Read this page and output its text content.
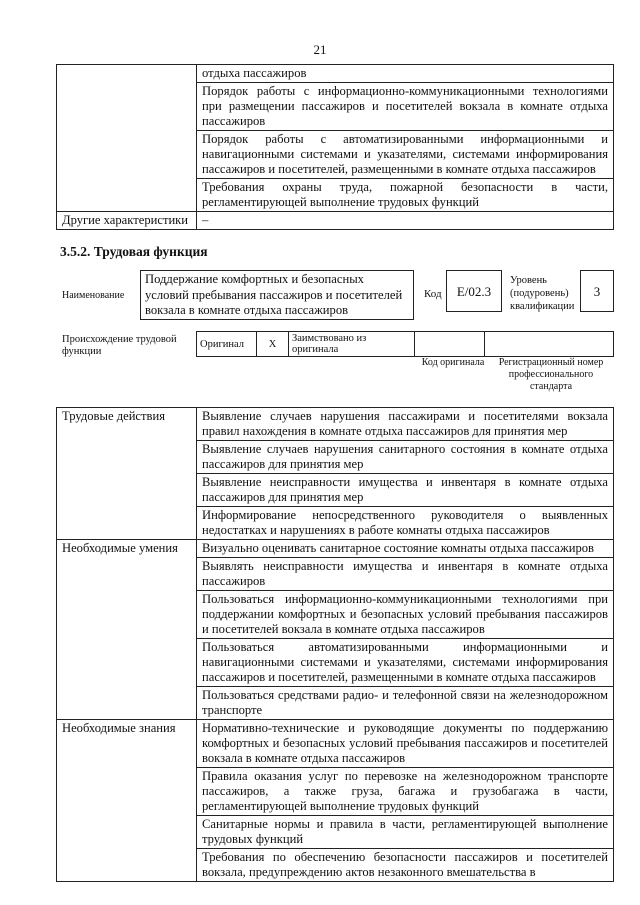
21
	отдыха пассажиров
	Порядок работы с информационно-коммуникационными технологиями при размещении пассажиров и посетителей вокзала в комнате отдыха пассажиров
	Порядок работы с автоматизированными информационными и навигационными системами и указателями, системами информирования пассажиров и посетителей, размещенными в комнате отдыха пассажиров
	Требования охраны труда, пожарной безопасности в части, регламентирующей выполнение трудовых функций
Другие характеристики	–
3.5.2. Трудовая функция
Наименование
Поддержание комфортных и безопасных условий пребывания пассажиров и посетителей вокзала в комнате отдыха пассажиров
Код	Е/02.3
Уровень (подуровень) квалификации
3
Происхождение трудовой функции
Оригинал	Х	Заимствовано из оригинала		
Код оригинала	Регистрационный номер профессионального стандарта
Трудовые действия	Выявление случаев нарушения пассажирами и посетителями вокзала правил нахождения в комнате отдыха пассажиров для принятия мер
	Выявление случаев нарушения санитарного состояния в комнате отдыха пассажиров для принятия мер
	Выявление неисправности имущества и инвентаря в комнате отдыха пассажиров для принятия мер
	Информирование непосредственного руководителя о выявленных недостатках и нарушениях в работе комнаты отдыха пассажиров
Необходимые умения	Визуально оценивать санитарное состояние комнаты отдыха пассажиров
	Выявлять неисправности имущества и инвентаря в комнате отдыха пассажиров
	Пользоваться информационно-коммуникационными технологиями при поддержании комфортных и безопасных условий пребывания пассажиров и посетителей вокзала в комнате отдыха пассажиров
	Пользоваться автоматизированными информационными и навигационными системами и указателями, системами информирования пассажиров и посетителей, размещенными в комнате отдыха пассажиров
	Пользоваться средствами радио- и телефонной связи на железнодорожном транспорте
Необходимые знания	Нормативно-технические и руководящие документы по поддержанию комфортных и безопасных условий пребывания пассажиров и посетителей вокзала в комнате отдыха пассажиров
	Правила оказания услуг по перевозке на железнодорожном транспорте пассажиров, а также груза, багажа и грузобагажа в части, регламентирующей выполнение трудовых функций
	Санитарные нормы и правила в части, регламентирующей выполнение трудовых функций
	Требования по обеспечению безопасности пассажиров и посетителей вокзала, предупреждению актов незаконного вмешательства в
